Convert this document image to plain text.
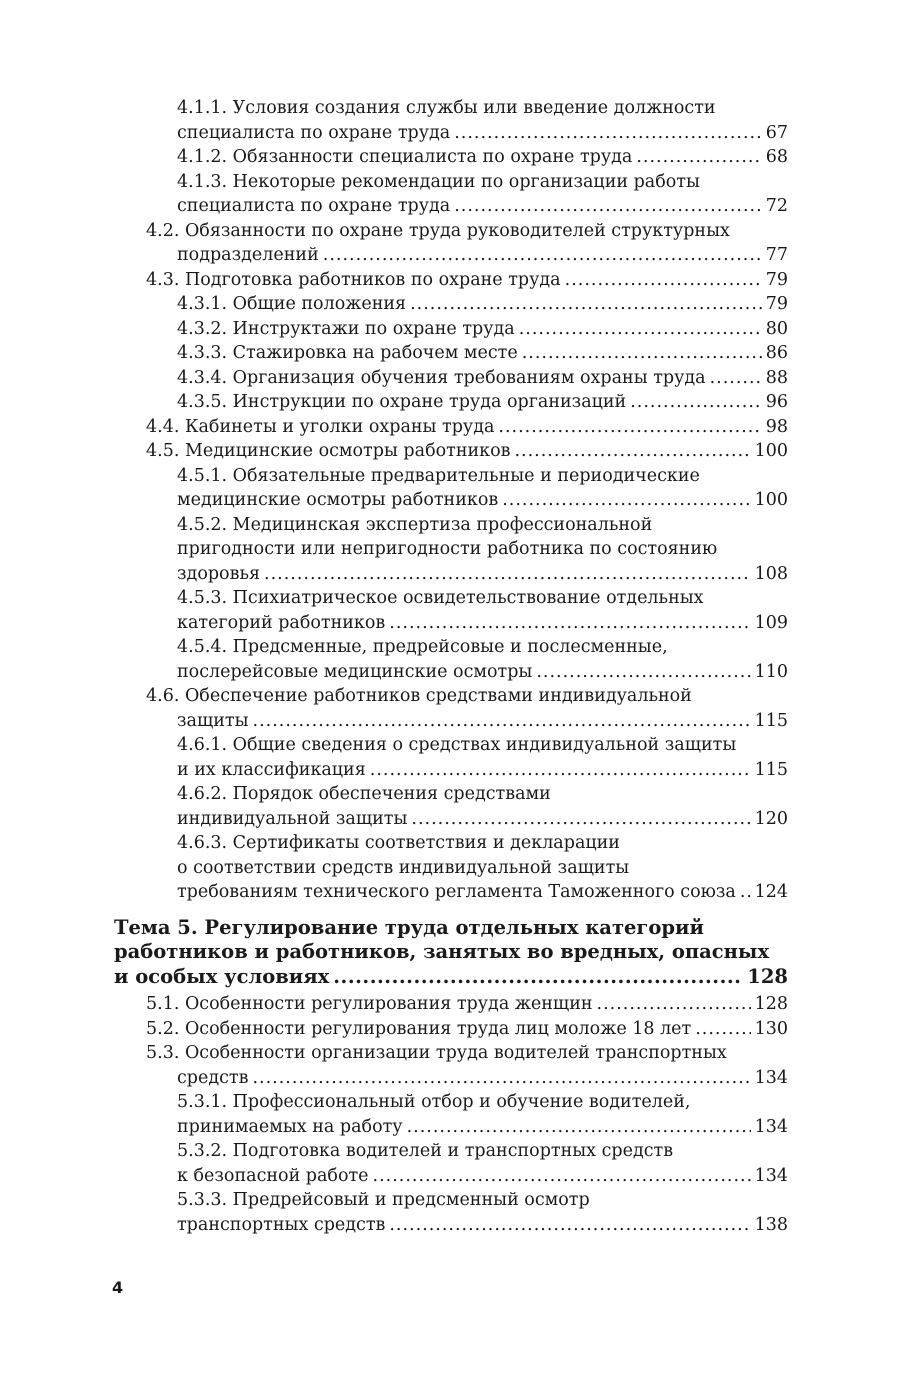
4.1.1. Условия создания службы или введение должности
специалиста по охране труда .....	67
4.1.2. Обязанности специалиста по охране труда .....	68
4.1.3. Некоторые рекомендации по организации работы
специалиста по охране труда .....	72
4.2. Обязанности по охране труда руководителей структурных
подразделений .....	77
4.3. Подготовка работников по охране труда .....	79
4.3.1. Общие положения .....	79
4.3.2. Инструктажи по охране труда .....	80
4.3.3. Стажировка на рабочем месте .....	86
4.3.4. Организация обучения требованиям охраны труда .....	88
4.3.5. Инструкции по охране труда организаций .....	96
4.4. Кабинеты и уголки охраны труда .....	98
4.5. Медицинские осмотры работников .....	100
4.5.1. Обязательные предварительные и периодические
медицинские осмотры работников .....	100
4.5.2. Медицинская экспертиза профессиональной
пригодности или непригодности работника по состоянию
здоровья .....	108
4.5.3. Психиатрическое освидетельствование отдельных
категорий работников .....	109
4.5.4. Предсменные, предрейсовые и послесменные,
послерейсовые медицинские осмотры .....	110
4.6. Обеспечение работников средствами индивидуальной
защиты .....	115
4.6.1. Общие сведения о средствах индивидуальной защиты
и их классификация .....	115
4.6.2. Порядок обеспечения средствами
индивидуальной защиты .....	120
4.6.3. Сертификаты соответствия и декларации
о соответствии средств индивидуальной защиты
требованиям технического регламента Таможенного союза ..... 124
Тема 5. Регулирование труда отдельных категорий
работников и работников, занятых во вредных, опасных
и особых условиях .....	128
5.1. Особенности регулирования труда женщин .....	128
5.2. Особенности регулирования труда лиц моложе 18 лет .....	130
5.3. Особенности организации труда водителей транспортных
средств .....	134
5.3.1. Профессиональный отбор и обучение водителей,
принимаемых на работу .....	134
5.3.2. Подготовка водителей и транспортных средств
к безопасной работе .....	134
5.3.3. Предрейсовый и предсменный осмотр
транспортных средств .....	138
4
